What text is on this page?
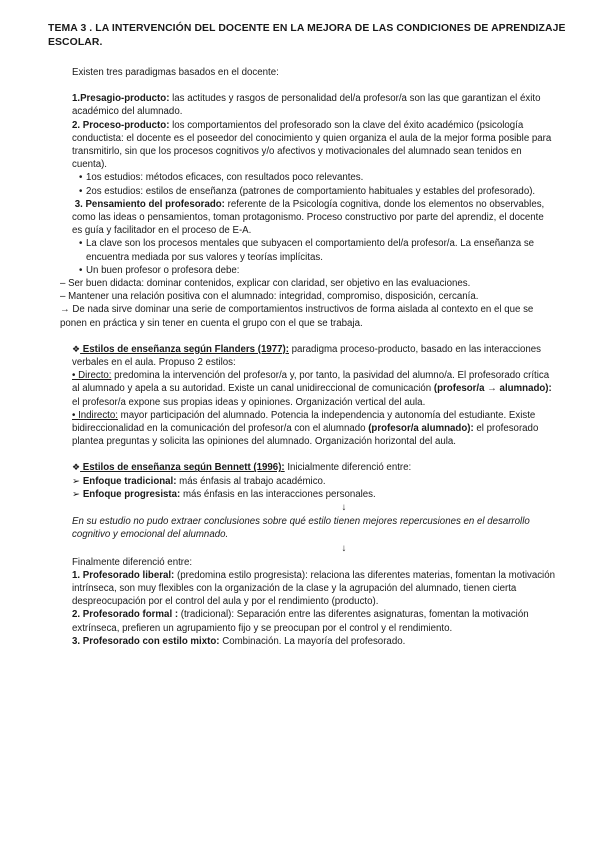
TEMA 3 . LA INTERVENCIÓN DEL DOCENTE EN LA MEJORA DE LAS CONDICIONES DE APRENDIZAJE ESCOLAR.

Existen tres paradigmas basados en el docente:

1.Presagio-producto: las actitudes y rasgos de personalidad del/a profesor/a son las que garantizan el éxito académico del alumnado.

2. Proceso-producto: los comportamientos del profesorado son la clave del éxito académico (psicología conductista: el docente es el poseedor del conocimiento y quien organiza el aula de la mejor forma posible para transmitirlo, sin que los procesos cognitivos y/o afectivos y motivacionales del alumnado sean tenidos en cuenta).

• 1os estudios: métodos eficaces, con resultados poco relevantes.

• 2os estudios: estilos de enseñanza (patrones de comportamiento habituales y estables del profesorado).

3. Pensamiento del profesorado: referente de la Psicología cognitiva, donde los elementos no observables, como las ideas o pensamientos, toman protagonismo. Proceso constructivo por parte del aprendiz, el docente es guía y facilitador en el proceso de E-A.

• La clave son los procesos mentales que subyacen el comportamiento del/a profesor/a. La enseñanza se encuentra mediada por sus valores y teorías implícitas.

• Un buen profesor o profesora debe:

– Ser buen didacta: dominar contenidos, explicar con claridad, ser objetivo en las evaluaciones.

– Mantener una relación positiva con el alumnado: integridad, compromiso, disposición, cercanía.

→ De nada sirve dominar una serie de comportamientos instructivos de forma aislada al contexto en el que se ponen en práctica y sin tener en cuenta el grupo con el que se trabaja.

❖ Estilos de enseñanza según Flanders (1977): paradigma proceso-producto, basado en las interacciones verbales en el aula. Propuso 2 estilos:

• Directo: predomina la intervención del profesor/a y, por tanto, la pasividad del alumno/a. El profesorado crítica al alumnado y apela a su autoridad. Existe un canal unidireccional de comunicación (profesor/a → alumnado): el profesor/a expone sus propias ideas y opiniones. Organización vertical del aula.

• Indirecto: mayor participación del alumnado. Potencia la independencia y autonomía del estudiante. Existe bidireccionalidad en la comunicación del profesor/a con el alumnado (profesor/a alumnado): el profesorado plantea preguntas y solicita las opiniones del alumnado. Organización horizontal del aula.

❖ Estilos de enseñanza según Bennett (1996): Inicialmente diferenció entre:

➢ Enfoque tradicional: más énfasis al trabajo académico.

➢ Enfoque progresista: más énfasis en las interacciones personales.

↓

En su estudio no pudo extraer conclusiones sobre qué estilo tienen mejores repercusiones en el desarrollo cognitivo y emocional del alumnado.

↓

Finalmente diferenció entre:

1. Profesorado liberal: (predomina estilo progresista): relaciona las diferentes materias, fomentan la motivación intrínseca, son muy flexibles con la organización de la clase y la agrupación del alumnado, tienen cierta despreocupación por el control del aula y por el rendimiento (producto).

2. Profesorado formal : (tradicional): Separación entre las diferentes asignaturas, fomentan la motivación extrínseca, prefieren un agrupamiento fijo y se preocupan por el control y el rendimiento.

3. Profesorado con estilo mixto: Combinación. La mayoría del profesorado.
